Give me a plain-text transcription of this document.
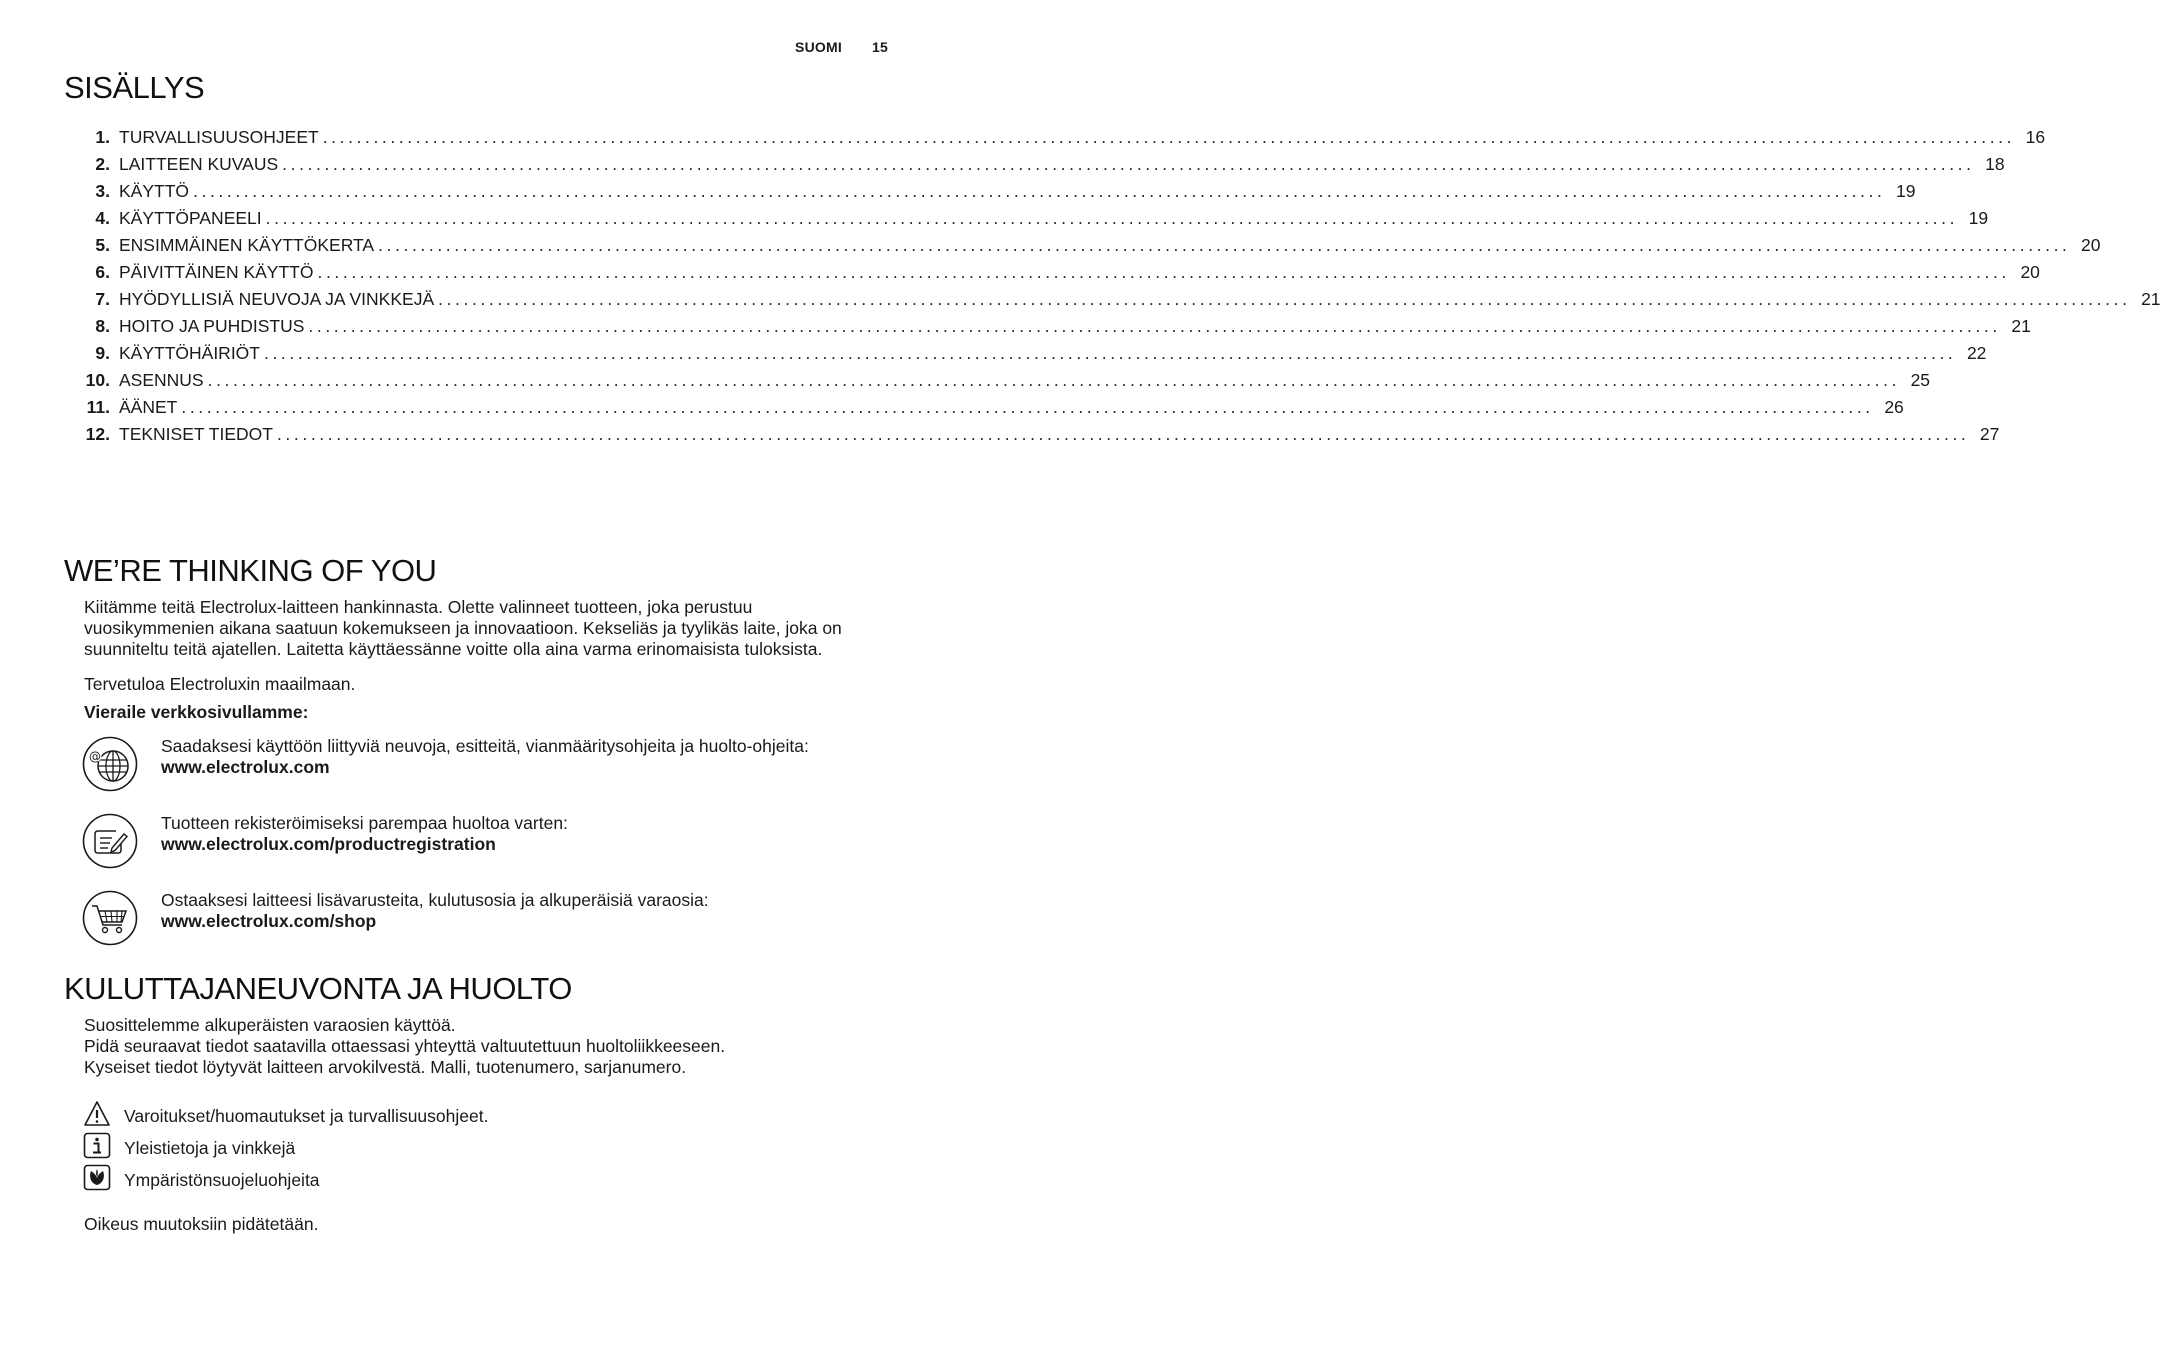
SUOMI 15
SISÄLLYS
1. TURVALLISUUSOHJEET ........................................................................................................................................................................................................ 16
2. LAITTEEN KUVAUS ........................................................................................................................................................................................................ 18
3. KÄYTTÖ ........................................................................................................................................................................................................ 19
4. KÄYTTÖPANEELI ........................................................................................................................................................................................................ 19
5. ENSIMMÄINEN KÄYTTÖKERTA ........................................................................................................................................................................................................ 20
6. PÄIVITTÄINEN KÄYTTÖ ........................................................................................................................................................................................................ 20
7. HYÖDYLLISIÄ NEUVOJA JA VINKKEJÄ ........................................................................................................................................................................................................ 21
8. HOITO JA PUHDISTUS ........................................................................................................................................................................................................ 21
9. KÄYTTÖHÄIRIÖT ........................................................................................................................................................................................................ 22
10. ASENNUS ........................................................................................................................................................................................................ 25
11. ÄÄNET ........................................................................................................................................................................................................ 26
12. TEKNISET TIEDOT ........................................................................................................................................................................................................ 27
WE’RE THINKING OF YOU
Kiitämme teitä Electrolux-laitteen hankinnasta. Olette valinneet tuotteen, joka perustuu
vuosikymmenien aikana saatuun kokemukseen ja innovaatioon. Kekseliäs ja tyylikäs laite, joka on
suunniteltu teitä ajatellen. Laitetta käyttäessänne voitte olla aina varma erinomaisista tuloksista.

Tervetuloa Electroluxin maailmaan.

Vieraile verkkosivullamme:

@
Saadaksesi käyttöön liittyviä neuvoja, esitteitä, vianmääritysohjeita ja huolto-ohjeita:
www.electrolux.com
Tuotteen rekisteröimiseksi parempaa huoltoa varten:
www.electrolux.com/productregistration
Ostaaksesi laitteesi lisävarusteita, kulutusosia ja alkuperäisiä varaosia:
www.electrolux.com/shop
KULUTTAJANEUVONTA JA HUOLTO
Suosittelemme alkuperäisten varaosien käyttöä.
Pidä seuraavat tiedot saatavilla ottaessasi yhteyttä valtuutettuun huoltoliikkeeseen.
Kyseiset tiedot löytyvät laitteen arvokilvestä. Malli, tuotenumero, sarjanumero.
Varoitukset/huomautukset ja turvallisuusohjeet.
Yleistietoja ja vinkkejä
Ympäristönsuojeluohjeita

Oikeus muutoksiin pidätetään.
